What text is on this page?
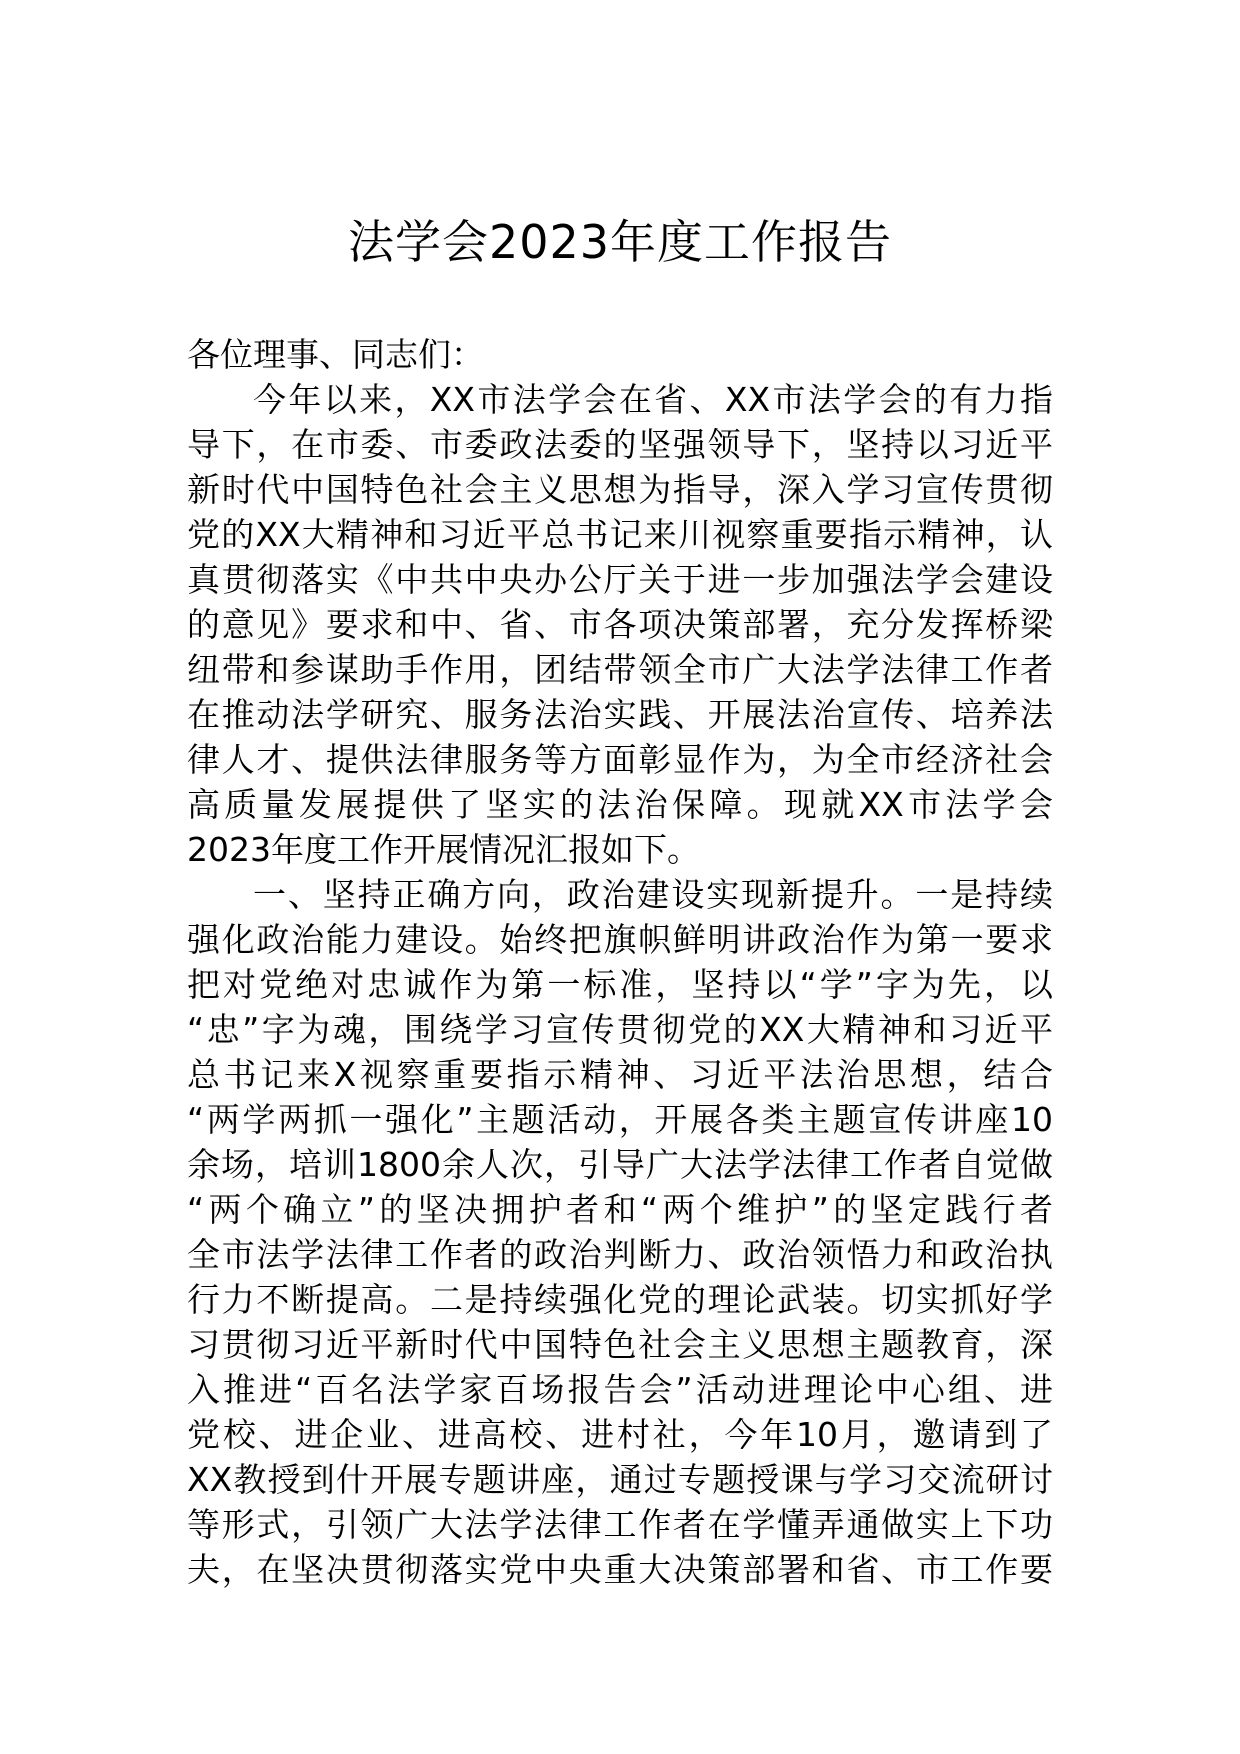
法学会2023年度工作报告
各位理事、同志们：
今年以来，XX市法学会在省、XX市法学会的有力指
导下，在市委、市委政法委的坚强领导下，坚持以习近平
新时代中国特色社会主义思想为指导，深入学习宣传贯彻
党的XX大精神和习近平总书记来川视察重要指示精神，认
真贯彻落实《中共中央办公厅关于进一步加强法学会建设
的意见》要求和中、省、市各项决策部署，充分发挥桥梁
纽带和参谋助手作用，团结带领全市广大法学法律工作者
在推动法学研究、服务法治实践、开展法治宣传、培养法
律人才、提供法律服务等方面彰显作为，为全市经济社会
高质量发展提供了坚实的法治保障。现就XX市法学会
2023年度工作开展情况汇报如下。
一、坚持正确方向，政治建设实现新提升。一是持续
强化政治能力建设。始终把旗帜鲜明讲政治作为第一要求
把对党绝对忠诚作为第一标准，坚持以“学”字为先，以
“忠”字为魂，围绕学习宣传贯彻党的XX大精神和习近平
总书记来X视察重要指示精神、习近平法治思想，结合
“两学两抓一强化”主题活动，开展各类主题宣传讲座10
余场，培训1800余人次，引导广大法学法律工作者自觉做
“两个确立”的坚决拥护者和“两个维护”的坚定践行者
全市法学法律工作者的政治判断力、政治领悟力和政治执
行力不断提高。二是持续强化党的理论武装。切实抓好学
习贯彻习近平新时代中国特色社会主义思想主题教育，深
入推进“百名法学家百场报告会”活动进理论中心组、进
党校、进企业、进高校、进村社，今年10月，邀请到了
XX教授到什开展专题讲座，通过专题授课与学习交流研讨
等形式，引领广大法学法律工作者在学懂弄通做实上下功
夫，在坚决贯彻落实党中央重大决策部署和省、市工作要
